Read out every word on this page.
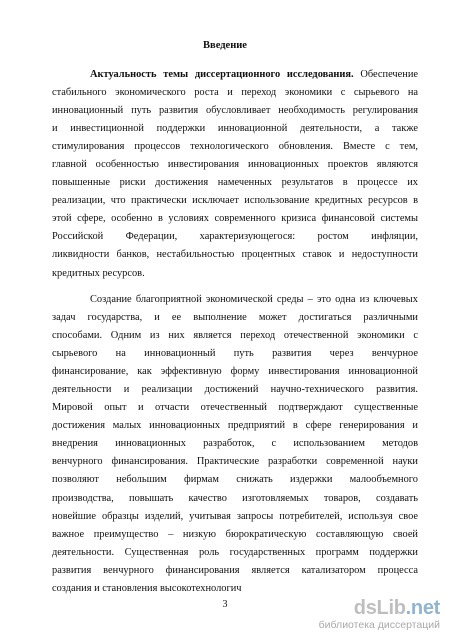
Введение
Актуальность темы диссертационного исследования. Обеспечение
стабильного экономического роста и переход экономики с сырьевого на
инновационный путь развития обусловливает необходимость регулирования
и инвестиционной поддержки инновационной деятельности, а также
стимулирования процессов технологического обновления. Вместе с тем,
главной особенностью инвестирования инновационных проектов являются
повышенные риски достижения намеченных результатов в процессе их
реализации, что практически исключает использование кредитных ресурсов в
этой сфере, особенно в условиях современного кризиса финансовой системы
Российской Федерации, характеризующегося: ростом инфляции,
ликвидности банков, нестабильностью процентных ставок и недоступности
кредитных ресурсов.
Создание благоприятной экономической среды – это одна из ключевых
задач государства, и ее выполнение может достигаться различными
способами. Одним из них является переход отечественной экономики с
сырьевого на инновационный путь развития через венчурное
финансирование, как эффективную форму инвестирования инновационной
деятельности и реализации достижений научно-технического развития.
Мировой опыт и отчасти отечественный подтверждают существенные
достижения малых инновационных предприятий в сфере генерирования и
внедрения инновационных разработок, с использованием методов
венчурного финансирования. Практические разработки современной науки
позволяют небольшим фирмам снижать издержки малообъемного
производства, повышать качество изготовляемых товаров, создавать
новейшие образцы изделий, учитывая запросы потребителей, используя свое
важное преимущество – низкую бюрократическую составляющую своей
деятельности. Существенная роль государственных программ поддержки
развития венчурного финансирования является катализатором процесса
создания и становления высокотехнологич
3	dsLib.net
библиотека диссертаций
